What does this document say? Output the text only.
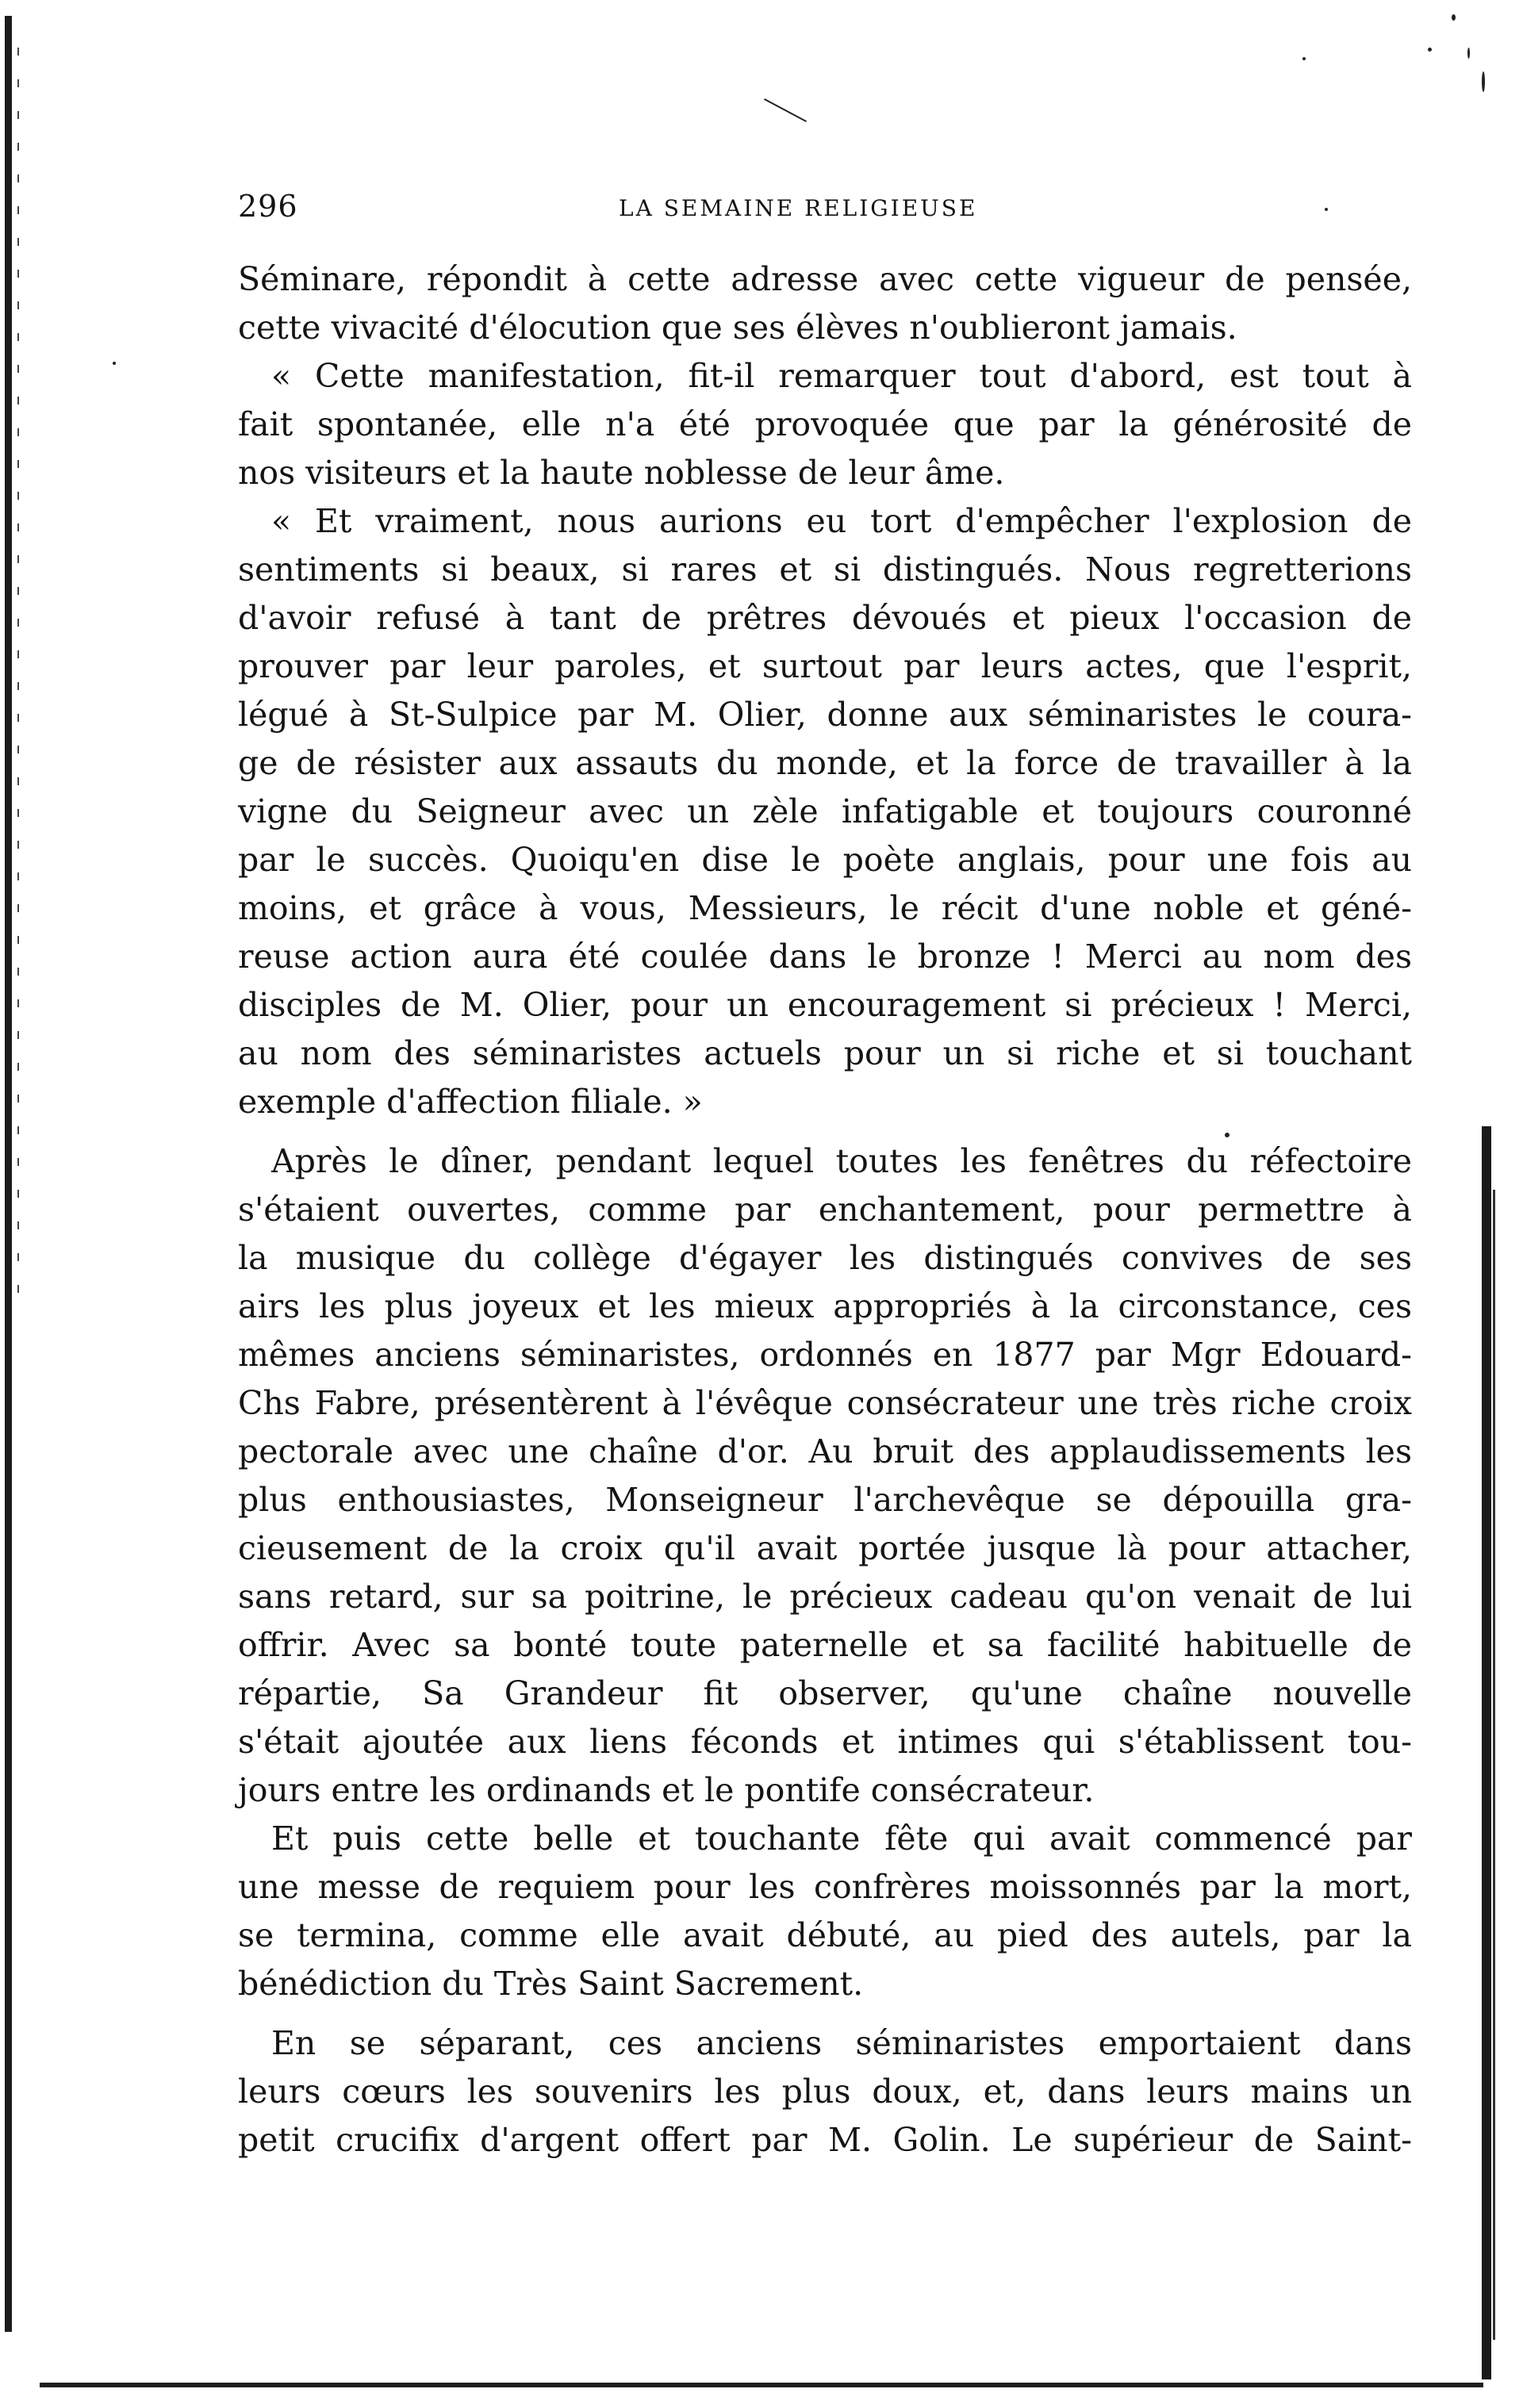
296	LA SEMAINE RELIGIEUSE

Séminare, répondit à cette adresse avec cette vigueur de pensée,
cette vivacité d'élocution que ses élèves n'oublieront jamais.

« Cette manifestation, fit-il remarquer tout d'abord, est tout à
fait spontanée, elle n'a été provoquée que par la générosité de
nos visiteurs et la haute noblesse de leur âme.

« Et vraiment, nous aurions eu tort d'empêcher l'explosion de
sentiments si beaux, si rares et si distingués. Nous regretterions
d'avoir refusé à tant de prêtres dévoués et pieux l'occasion de
prouver par leur paroles, et surtout par leurs actes, que l'esprit,
légué à St-Sulpice par M. Olier, donne aux séminaristes le coura-
ge de résister aux assauts du monde, et la force de travailler à la
vigne du Seigneur avec un zèle infatigable et toujours couronné
par le succès. Quoiqu'en dise le poète anglais, pour une fois au
moins, et grâce à vous, Messieurs, le récit d'une noble et géné-
reuse action aura été coulée dans le bronze ! Merci au nom des
disciples de M. Olier, pour un encouragement si précieux ! Merci,
au nom des séminaristes actuels pour un si riche et si touchant
exemple d'affection filiale. »

Après le dîner, pendant lequel toutes les fenêtres du réfectoire
s'étaient ouvertes, comme par enchantement, pour permettre à
la musique du collège d'égayer les distingués convives de ses
airs les plus joyeux et les mieux appropriés à la circonstance, ces
mêmes anciens séminaristes, ordonnés en 1877 par Mgr Edouard-
Chs Fabre, présentèrent à l'évêque consécrateur une très riche croix
pectorale avec une chaîne d'or. Au bruit des applaudissements les
plus enthousiastes, Monseigneur l'archevêque se dépouilla gra-
cieusement de la croix qu'il avait portée jusque là pour attacher,
sans retard, sur sa poitrine, le précieux cadeau qu'on venait de lui
offrir. Avec sa bonté toute paternelle et sa facilité habituelle de
répartie, Sa Grandeur fit observer, qu'une chaîne nouvelle
s'était ajoutée aux liens féconds et intimes qui s'établissent tou-
jours entre les ordinands et le pontife consécrateur.

Et puis cette belle et touchante fête qui avait commencé par
une messe de requiem pour les confrères moissonnés par la mort,
se termina, comme elle avait débuté, au pied des autels, par la
bénédiction du Très Saint Sacrement.

En se séparant, ces anciens séminaristes emportaient dans
leurs cœurs les souvenirs les plus doux, et, dans leurs mains un
petit crucifix d'argent offert par M. Golin. Le supérieur de Saint-
